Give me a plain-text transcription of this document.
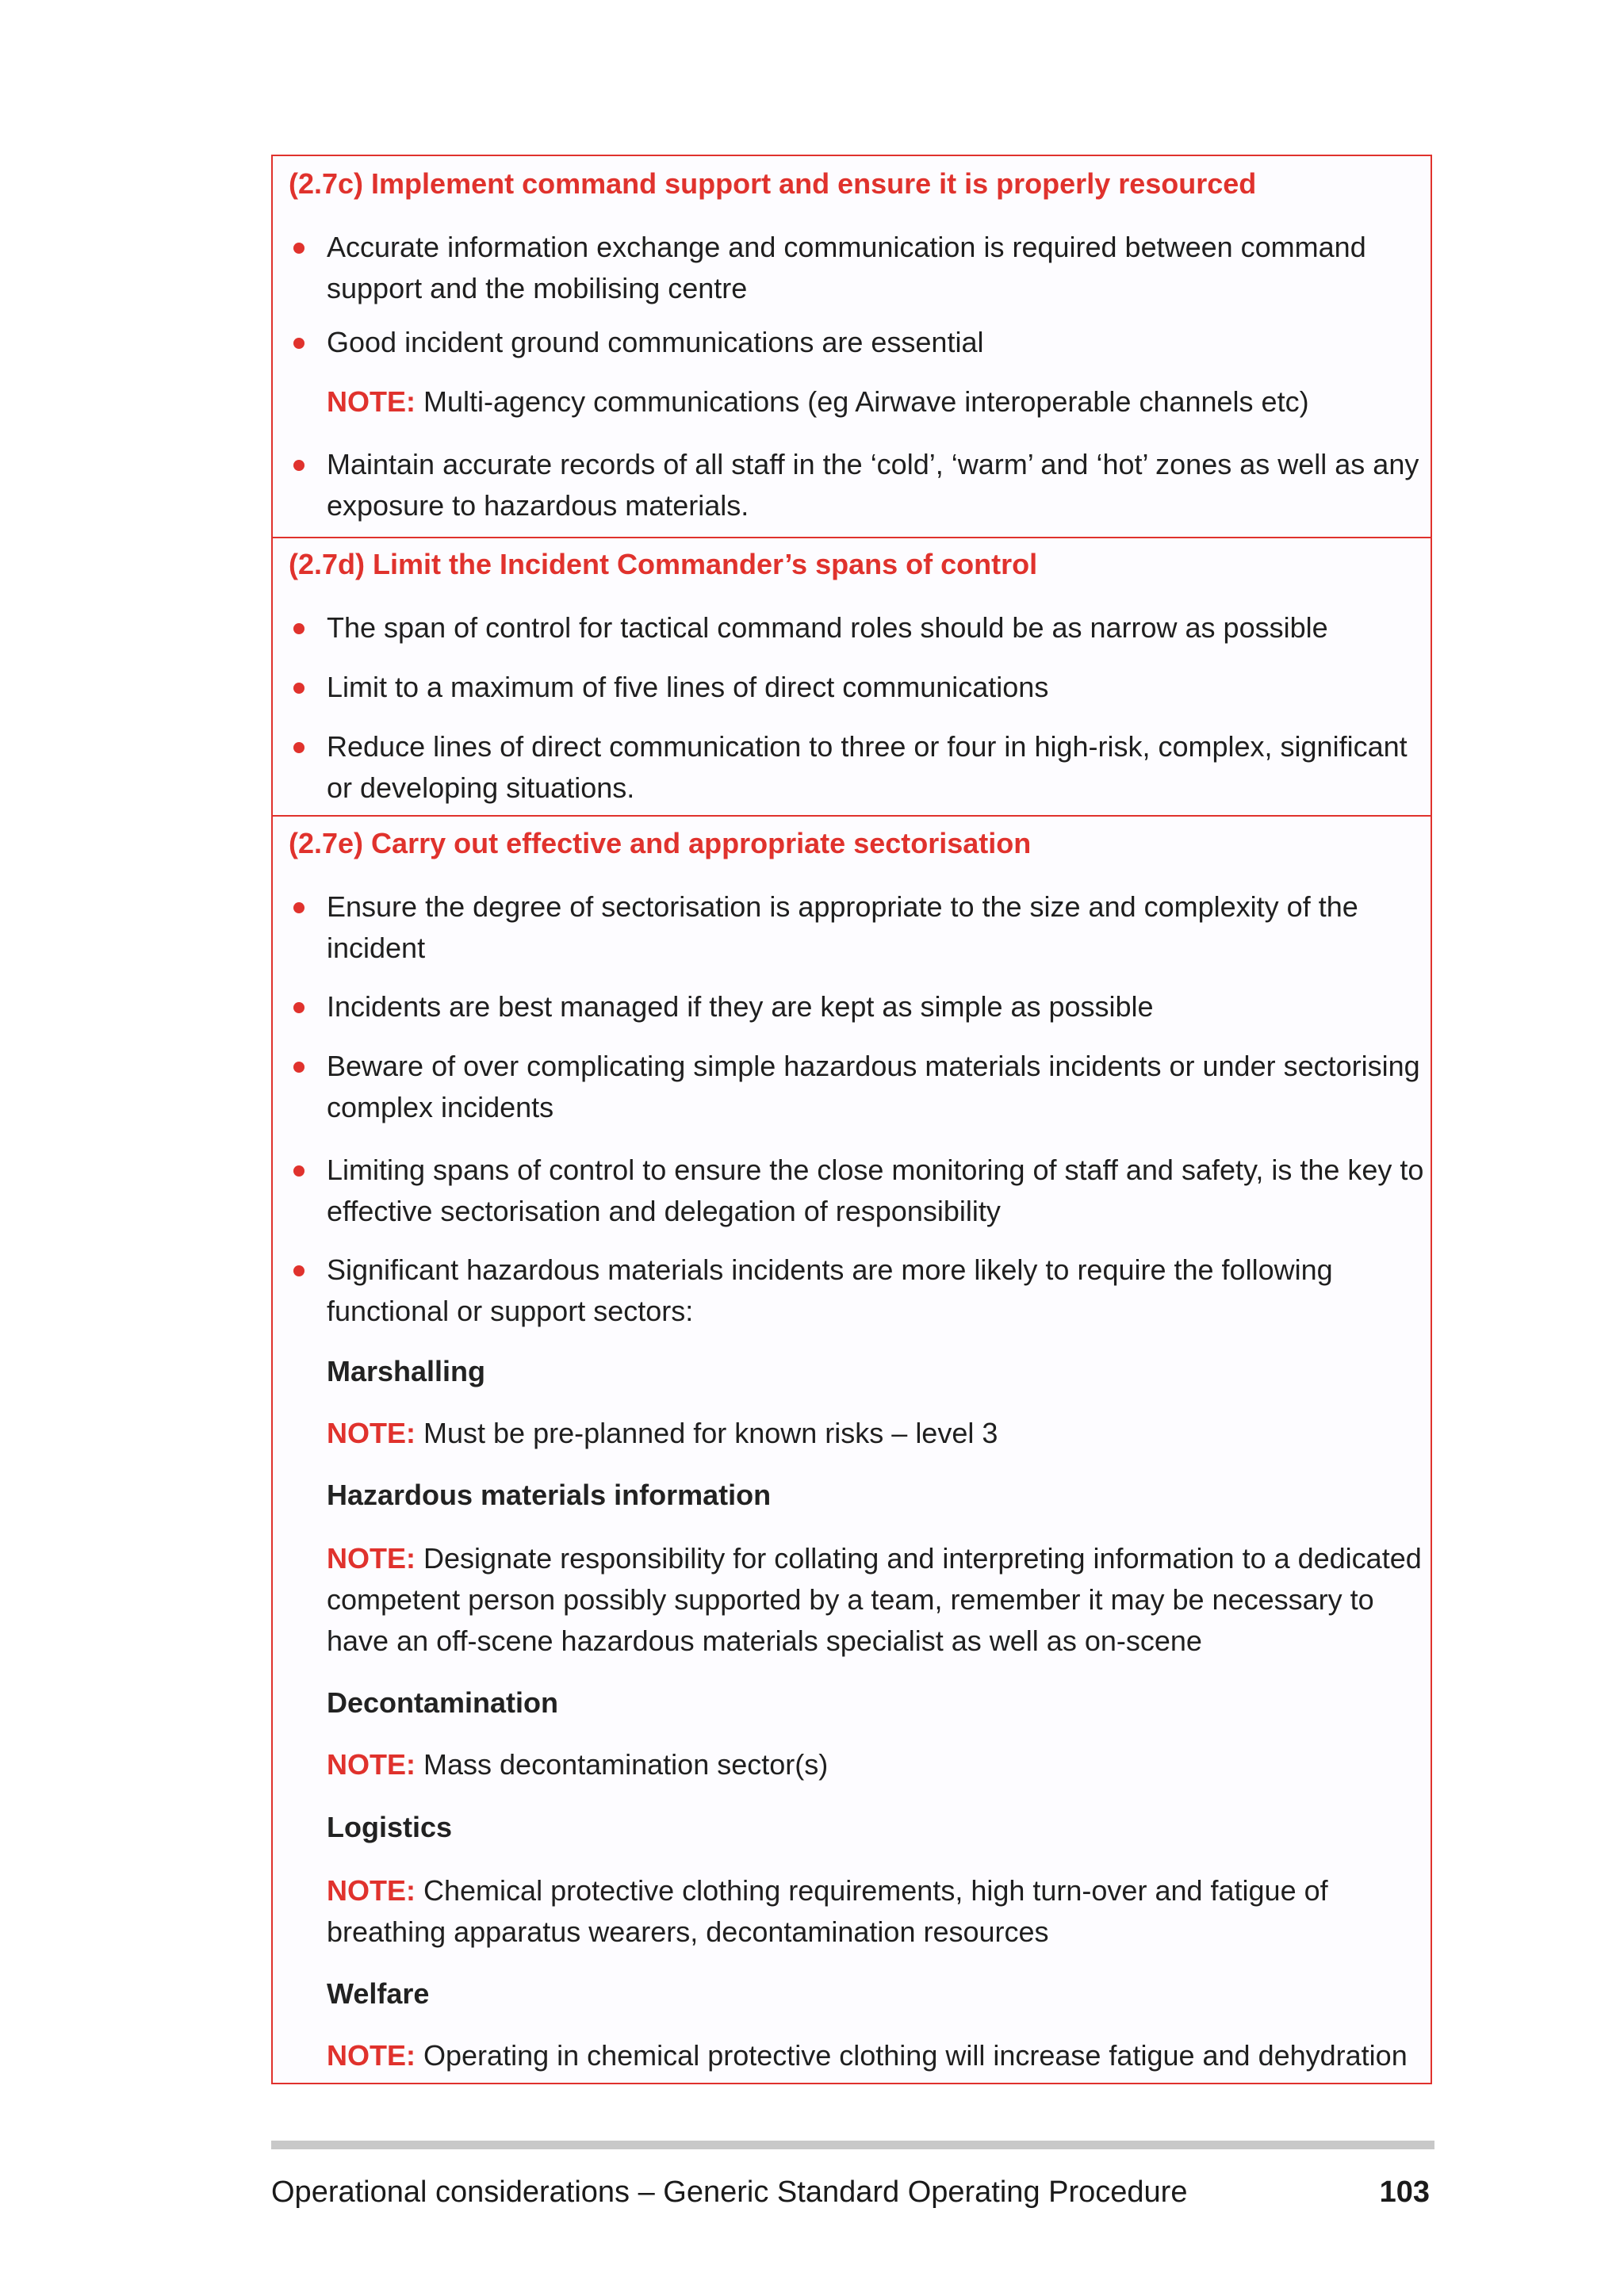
(2.7c) Implement command support and ensure it is properly resourced
Accurate information exchange and communication is required between command support and the mobilising centre
Good incident ground communications are essential
NOTE: Multi-agency communications (eg Airwave interoperable channels etc)
Maintain accurate records of all staff in the ‘cold’, ‘warm’ and ‘hot’ zones as well as any exposure to hazardous materials.
(2.7d) Limit the Incident Commander’s spans of control
The span of control for tactical command roles should be as narrow as possible
Limit to a maximum of five lines of direct communications
Reduce lines of direct communication to three or four in high-risk, complex, significant or developing situations.
(2.7e) Carry out effective and appropriate sectorisation
Ensure the degree of sectorisation is appropriate to the size and complexity of the incident
Incidents are best managed if they are kept as simple as possible
Beware of over complicating simple hazardous materials incidents or under sectorising complex incidents
Limiting spans of control to ensure the close monitoring of staff and safety, is the key to effective sectorisation and delegation of responsibility
Significant hazardous materials incidents are more likely to require the following functional or support sectors:
Marshalling
NOTE: Must be pre-planned for known risks – level 3
Hazardous materials information
NOTE: Designate responsibility for collating and interpreting information to a dedicated competent person possibly supported by a team, remember it may be necessary to have an off-scene hazardous materials specialist as well as on-scene
Decontamination
NOTE: Mass decontamination sector(s)
Logistics
NOTE: Chemical protective clothing requirements, high turn-over and fatigue of breathing apparatus wearers, decontamination resources
Welfare
NOTE: Operating in chemical protective clothing will increase fatigue and dehydration
Operational considerations – Generic Standard Operating Procedure	103
